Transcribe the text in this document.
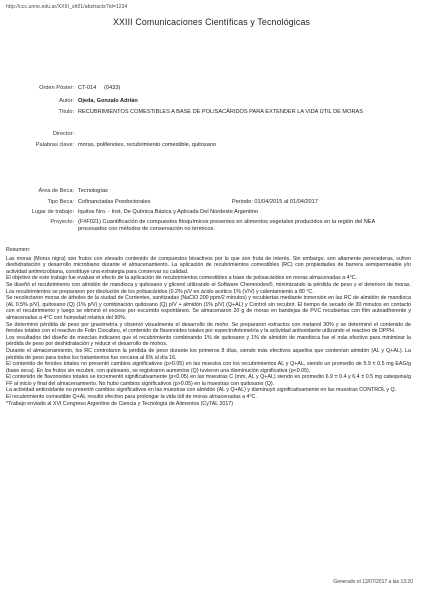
http://ccc.unne.edu.ar/XXIII_sh01/abstracts?id=1234
XXIII Comunicaciones Científicas y Tecnológicas
Orden Póster: CT-014 (0433)
Autor: Ojeda, Gonzalo Adrián
Título: RECUBRIMIENTOS COMESTIBLES A BASE DE POLISACÁRIDOS PARA EXTENDER LA VIDA ÚTIL DE MORAS
Director:
Palabras clave: moras, polifenoles, recubrimiento comestible, quitosano
Área de Beca: Tecnologías
Tipo Beca: Cofinanciadas Posdoctorales	Periodo: 01/04/2015 al 01/04/2017
Lugar de trabajo: Iquitos Nro. - Inst. De Química Básica y Aplicada Del Nordeste Argentino
Proyecto: (F#F021) Cuantificación de compuestos fitoquímicos presentes en alimentos vegetales producidos en la región del NEA procesados con métodos de conservación no térmicos.
Resumen:

Las moras (Morus nigra) son frutos con elevado contenido de compuestos bioactivos por lo que son fruta de interés. Sin embargo, son altamente perecederas, sufren deshidratación y desarrollo microbiano durante el almacenamiento. La aplicación de recubrimientos comestibles (RC) con propiedades de barrera semipermeable y/o actividad antimicrobiana, constituye una estrategia para conservar su calidad.

El objetivo de este trabajo fue evaluar el efecto de la aplicación de recubrimientos comestibles a base de polisacáridos en moras almacenadas a 4°C.

Se diseñó el recubrimiento con almidón de mandioca y quitosano y glicerol utilizando el Software Chemoodes®, minimizando la pérdida de peso y el deterioro de moras. Los recubrimientos se prepararon por disolución de los polisacáridos (0.2% p/V en ácido acético 1% (V/V) y calentamiento a 80 °C.

Se recolectaron moras de árboles de la ciudad de Corrientes, sanitizadas (NaClO 200 ppm/2 minutos) y recubiertas mediante inmersión en las RC de almidón de mandioca (AL 0.5% p/V), quitosano (Q) (1% p/V) y combinación quitosano (Q) p/V + almidón (1% p/V) (Q+AL) y Control sin recubrir. El tiempo de secado de 30 minutos en contacto con el recubrimiento y luego se eliminó el exceso por escurrido espontáneo. Se almacenaron 20 g de moras en bandejas de PVC recubiertas con film autoadherente y almacenadas a 4°C con humedad relativa del 90%.

Se determinó pérdida de peso por gravimetría y observó visualmente el desarrollo de moho. Se prepararon extractos con metanol 30% y se determinó el contenido de fenoles totales con el reactivo de Folin Ciocalteu, el contenido de flavonoides totales por espectrofotometría y la actividad antioxidante utilizando el reactivo de DPPH.

Los resultados del diseño de mezclas indicaron que el recubrimiento combinando 1% de quitosano y 1% de almidón de mandioca fue el más efectivo para minimizar la pérdida de peso por deshidratación y reducir el desarrollo de mohos.

Durante el almacenamiento, los RC controlaron la pérdida de peso durante los primeros 8 días, siendo más efectivos aquellos que contenían almidón (AL y Q+AL). La pérdida de peso para todos los tratamientos fue cercana al 6% al día 16.

El contenido de fenoles totales no presentó cambios significativos (p>0.05) en las muestra con los recubrimientos AL y Q+AL, siendo un promedio de 5.9 ± 0.5 mg EAG/g (base seca). En los frutos sin recubrir, con quitosano, se registraron aumentos (Q) tuvieron una disminución significativa (p<0.05).

El contenido de flavonoides totales se incrementó significativamente (p<0.05) en las muestras C (mm, AL y Q+AL) siendo en promedio 6.9 ± 0.4 y 6.4 ± 0.5 mg catequina/g FF al inicio y final del almacenamiento. No hubo cambios significativos (p>0.05) en la muestras con quitosano (Q).

La actividad antioxidante no presentó cambios significativos en las muestras con almidón (AL y Q+AL) y disminuyó significativamente en las muestras CONTROL y Q.

El recubrimiento comestible Q+AL resultó efectivo para prolongar la vida útil de moras almacenadas a 4°C.

*Trabajo enviado al XVI Congreso Argentino de Ciencia y Tecnología de Alimentos (CyTAL 2017)

Generado el 13/07/2017 a las 13:20
